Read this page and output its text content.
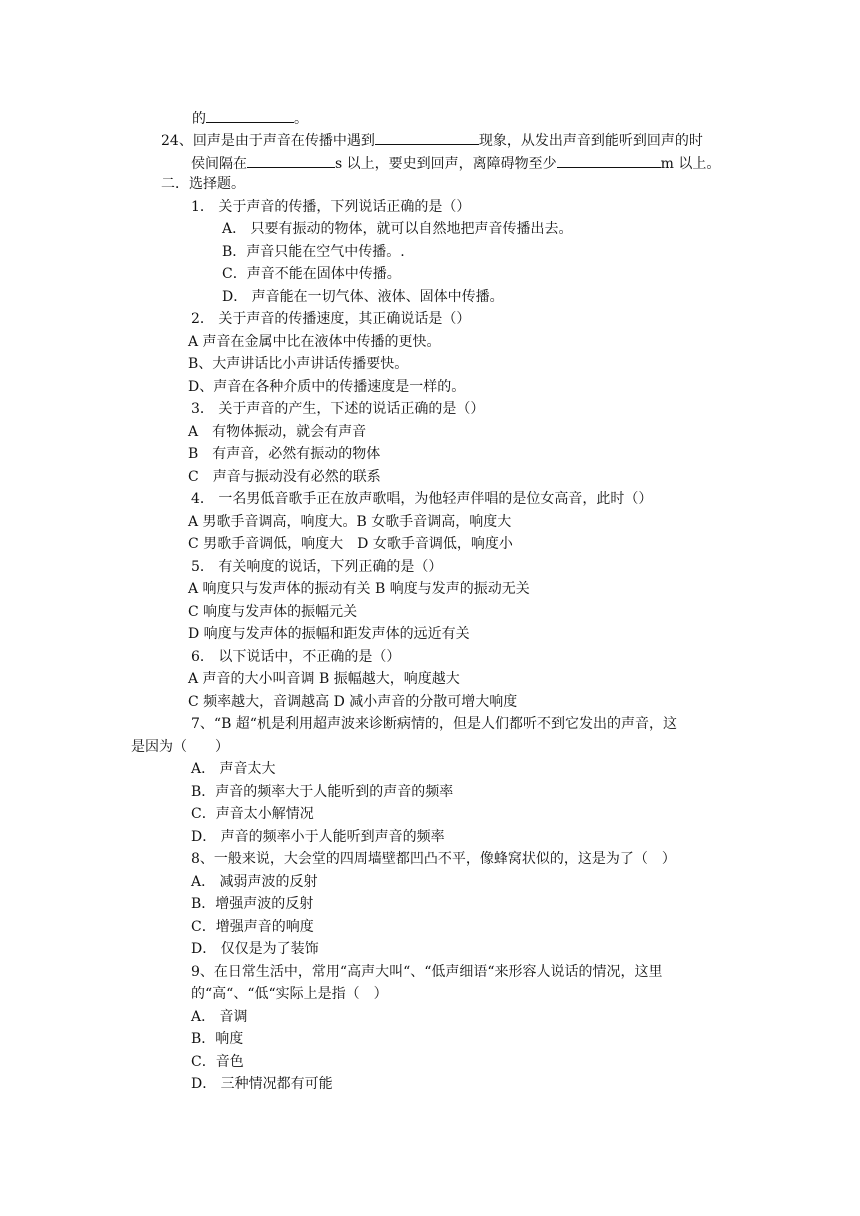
的	。
24、回声是由于声音在传播中遇到	现象，从发出声音到能听到回声的时
侯间隔在	s 以上，要史到回声，离障碍物至少	m 以上。
二．选择题。
1． 关于声音的传播，下列说话正确的是（）
A． 只要有振动的物体，就可以自然地把声音传播出去。
B．声音只能在空气中传播。.
C．声音不能在固体中传播。
D． 声音能在一切气体、液体、固体中传播。
2． 关于声音的传播速度，其正确说话是（）
A 声音在金属中比在液体中传播的更快。
B、大声讲话比小声讲话传播要快。
D、声音在各种介质中的传播速度是一样的。
3． 关于声音的产生，下述的说话正确的是（）
A　有物体振动，就会有声音
B　有声音，必然有振动的物体
C　声音与振动没有必然的联系
4． 一名男低音歌手正在放声歌唱，为他轻声伴唱的是位女高音，此时（）
A 男歌手音调高，响度大。B 女歌手音调高，响度大
C 男歌手音调低，响度大　D 女歌手音调低，响度小
5． 有关响度的说话，下列正确的是（）
A 响度只与发声体的振动有关 B 响度与发声的振动无关
C 响度与发声体的振幅元关
D 响度与发声体的振幅和距发声体的远近有关
6． 以下说话中，不正确的是（）
A 声音的大小叫音调 B 振幅越大，响度越大
C 频率越大，音调越高 D 减小声音的分散可增大响度
7、“B 超“机是利用超声波来诊断病情的，但是人们都听不到它发出的声音，这
是因为（　　）
A． 声音太大
B．声音的频率大于人能听到的声音的频率
C．声音太小解情况
D． 声音的频率小于人能听到声音的频率
8、一般来说，大会堂的四周墙壁都凹凸不平，像蜂窝状似的，这是为了（　）
A． 减弱声波的反射
B．增强声波的反射
C．增强声音的响度
D． 仅仅是为了装饰
9、在日常生活中，常用“高声大叫“、“低声细语“来形容人说话的情况，这里
的“高“、“低“实际上是指（　）
A． 音调
B．响度
C．音色
D． 三种情况都有可能
